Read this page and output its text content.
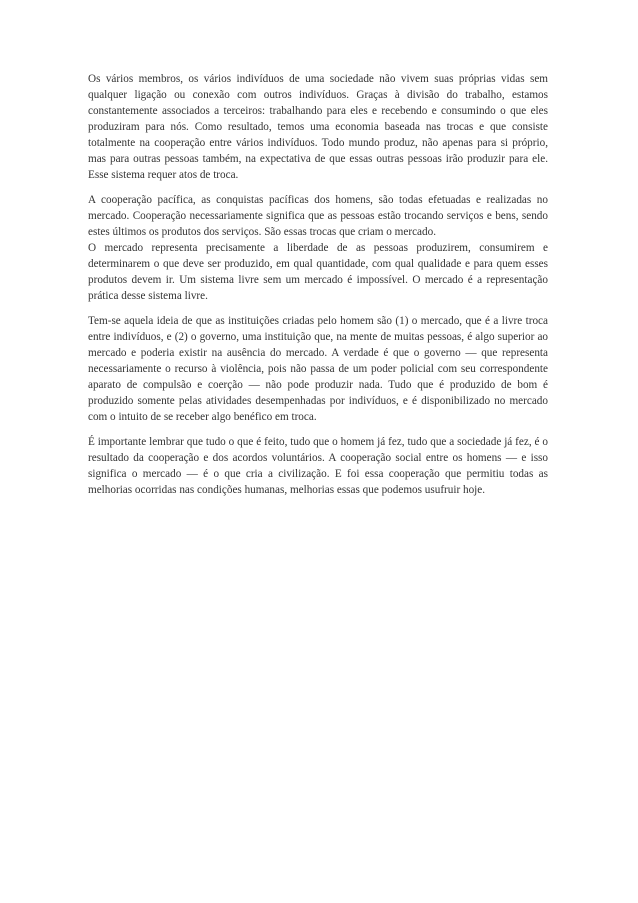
Os vários membros, os vários indivíduos de uma sociedade não vivem suas próprias vidas sem qualquer ligação ou conexão com outros indivíduos. Graças à divisão do trabalho, estamos constantemente associados a terceiros: trabalhando para eles e recebendo e consumindo o que eles produziram para nós. Como resultado, temos uma economia baseada nas trocas e que consiste totalmente na cooperação entre vários indivíduos. Todo mundo produz, não apenas para si próprio, mas para outras pessoas também, na expectativa de que essas outras pessoas irão produzir para ele. Esse sistema requer atos de troca.

A cooperação pacífica, as conquistas pacíficas dos homens, são todas efetuadas e realizadas no mercado. Cooperação necessariamente significa que as pessoas estão trocando serviços e bens, sendo estes últimos os produtos dos serviços. São essas trocas que criam o mercado.

O mercado representa precisamente a liberdade de as pessoas produzirem, consumirem e determinarem o que deve ser produzido, em qual quantidade, com qual qualidade e para quem esses produtos devem ir. Um sistema livre sem um mercado é impossível. O mercado é a representação prática desse sistema livre.

Tem-se aquela ideia de que as instituições criadas pelo homem são (1) o mercado, que é a livre troca entre indivíduos, e (2) o governo, uma instituição que, na mente de muitas pessoas, é algo superior ao mercado e poderia existir na ausência do mercado. A verdade é que o governo — que representa necessariamente o recurso à violência, pois não passa de um poder policial com seu correspondente aparato de compulsão e coerção — não pode produzir nada. Tudo que é produzido de bom é produzido somente pelas atividades desempenhadas por indivíduos, e é disponibilizado no mercado com o intuito de se receber algo benéfico em troca.

É importante lembrar que tudo o que é feito, tudo que o homem já fez, tudo que a sociedade já fez, é o resultado da cooperação e dos acordos voluntários. A cooperação social entre os homens — e isso significa o mercado — é o que cria a civilização. E foi essa cooperação que permitiu todas as melhorias ocorridas nas condições humanas, melhorias essas que podemos usufruir hoje.
